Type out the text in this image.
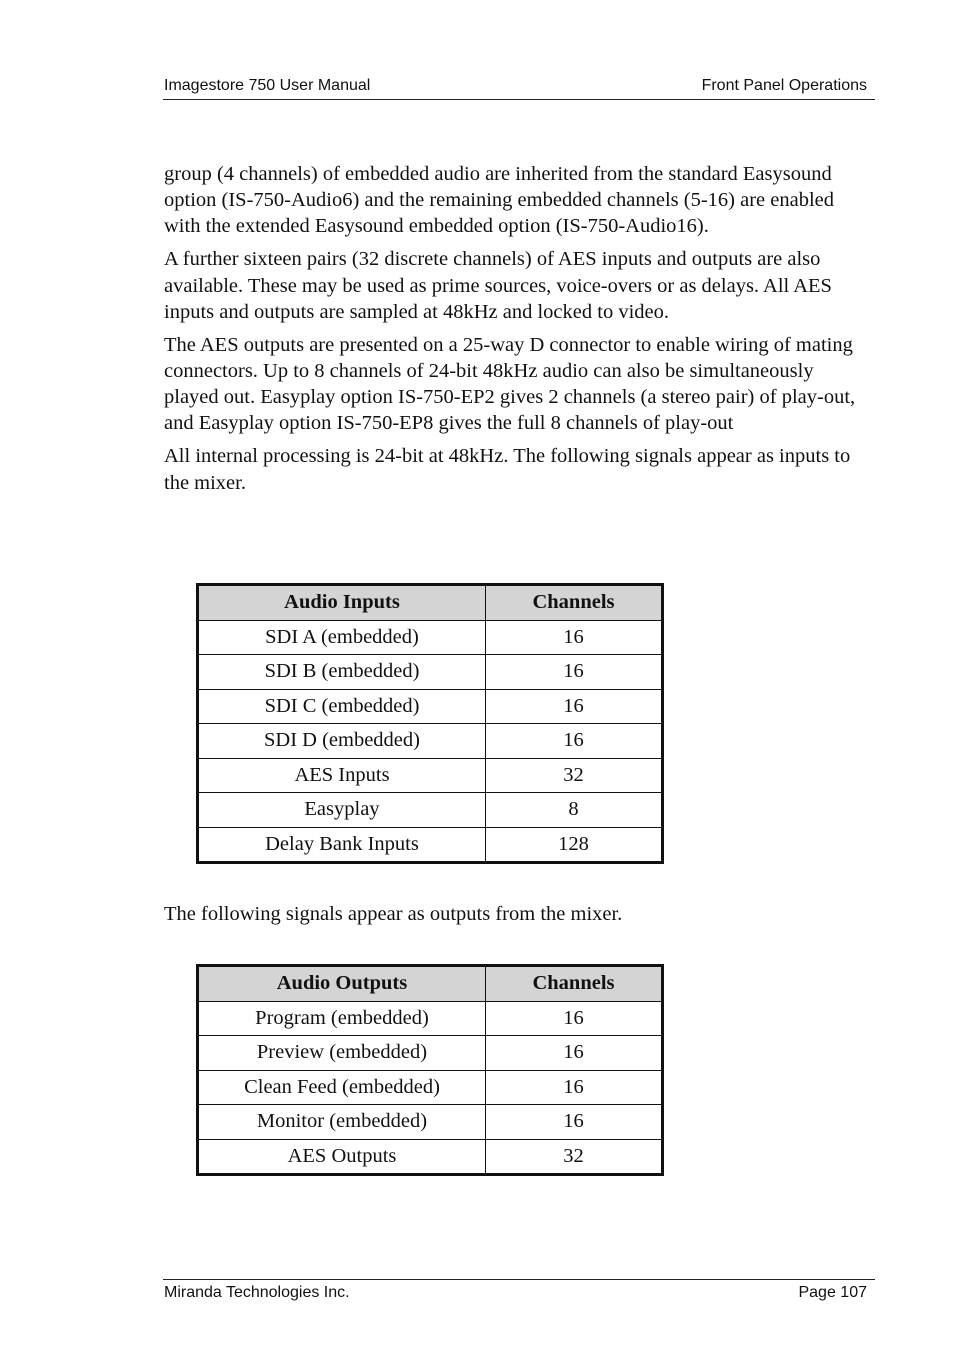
Imagestore 750 User Manual	Front Panel Operations

group (4 channels) of embedded audio are inherited from the standard Easysound option (IS-750-Audio6) and the remaining embedded channels (5-16) are enabled with the extended Easysound embedded option (IS-750-Audio16).

A further sixteen pairs (32 discrete channels) of AES inputs and outputs are also available. These may be used as prime sources, voice-overs or as delays. All AES inputs and outputs are sampled at 48kHz and locked to video.

The AES outputs are presented on a 25-way D connector to enable wiring of mating connectors. Up to 8 channels of 24-bit 48kHz audio can also be simultaneously played out. Easyplay option IS-750-EP2 gives 2 channels (a stereo pair) of play-out, and Easyplay option IS-750-EP8 gives the full 8 channels of play-out

All internal processing is 24-bit at 48kHz. The following signals appear as inputs to the mixer.

Audio Inputs	Channels
SDI A (embedded)	16
SDI B (embedded)	16
SDI C (embedded)	16
SDI D (embedded)	16
AES Inputs	32
Easyplay	8
Delay Bank Inputs	128
The following signals appear as outputs from the mixer.
Audio Outputs	Channels
Program (embedded)	16
Preview (embedded)	16
Clean Feed (embedded)	16
Monitor (embedded)	16
AES Outputs	32
Miranda Technologies Inc.	Page 107
